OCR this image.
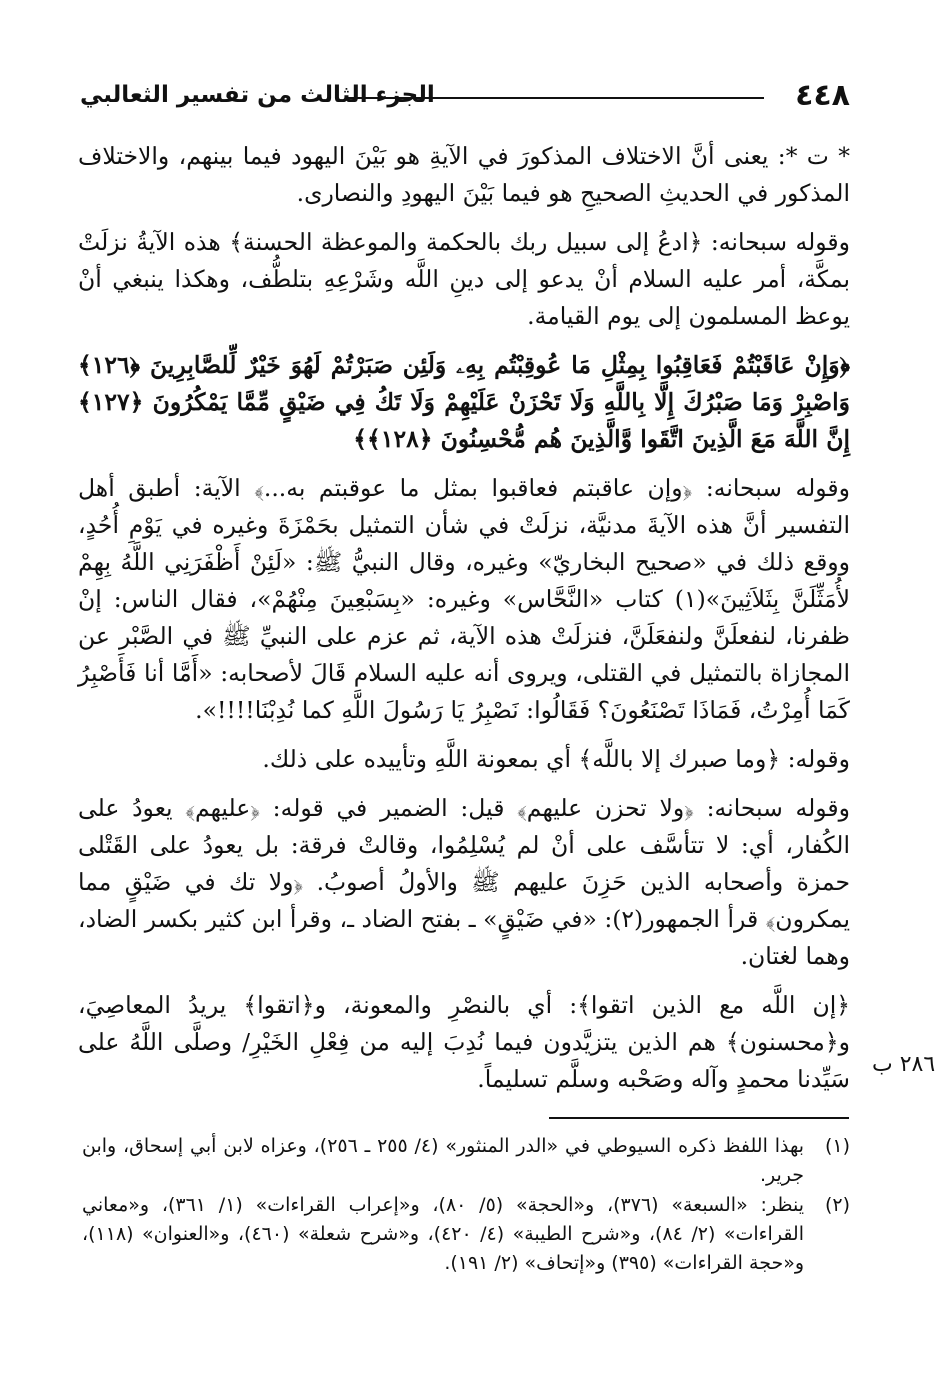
٤٤٨
الجزء الثالث من تفسير الثعالبي

* ت *: يعنى أنَّ الاختلاف المذكورَ في الآيةِ هو بَيْنَ اليهود فيما بينهم، والاختلاف المذكور في الحديثِ الصحيحِ هو فيما بَيْنَ اليهودِ والنصارى.

وقوله سبحانه: ﴿ادعُ إلى سبيل ربك بالحكمة والموعظة الحسنة﴾ هذه الآيةُ نزلَتْ بمكَّة، أمر عليه السلام أنْ يدعو إلى دينِ اللَّه وشَرْعِهِ بتلطُّف، وهكذا ينبغي أنْ يوعظ المسلمون إلى يوم القيامة.

﴿وَإِنْ عَاقَبْتُمْ فَعَاقِبُوا بِمِثْلِ مَا عُوقِبْتُم بِهِۦ وَلَئِن صَبَرْتُمْ لَهُوَ خَيْرٌ لِّلصَّابِرِينَ ﴿١٢٦﴾ وَاصْبِرْ وَمَا صَبْرُكَ إِلَّا بِاللَّهِ وَلَا تَحْزَنْ عَلَيْهِمْ وَلَا تَكُ فِي ضَيْقٍ مِّمَّا يَمْكُرُونَ ﴿١٢٧﴾ إِنَّ اللَّهَ مَعَ الَّذِينَ اتَّقَوا وَّالَّذِينَ هُم مُّحْسِنُونَ ﴿١٢٨﴾﴾

وقوله سبحانه: ﴿وإن عاقبتم فعاقبوا بمثل ما عوقبتم به...﴾ الآية: أطبق أهل التفسير أنَّ هذه الآيةَ مدنيَّة، نزلَتْ في شأن التمثيل بحَمْزَةَ وغيره في يَوْمِ أُحُدٍ، ووقع ذلك في «صحيح البخاريّ» وغيره، وقال النبيُّ ﷺ: «لَئِنْ أَظْفَرَنِي اللَّهُ بِهِمْ لأُمَثِّلَنَّ بِثَلاَثِينَ»(١) كتاب «النَّحَّاس» وغيره: «بِسَبْعِينَ مِنْهُمْ»، فقال الناس: إنْ ظفرنا، لنفعلَنَّ ولنفعَلَنَّ، فنزلَتْ هذه الآية، ثم عزم على النبيِّ ﷺ في الصَّبْر عن المجازاة بالتمثيل في القتلى، ويروى أنه عليه السلام قَالَ لأصحابه: «أَمَّا أنا فَأَصْبِرُ كَمَا أُمِرْتُ، فَمَاذَا تَصْنَعُونَ؟ فَقَالُوا: نَصْبِرُ يَا رَسُولَ اللَّهِ كما نُدِبْنَا!!!!».

وقوله: ﴿وما صبرك إلا باللَّه﴾ أي بمعونة اللَّهِ وتأييده على ذلك.

وقوله سبحانه: ﴿ولا تحزن عليهم﴾ قيل: الضمير في قوله: ﴿عليهم﴾ يعودُ على الكُفار، أي: لا تتأسَّف على أنْ لم يُسْلِمُوا، وقالتْ فرقة: بل يعودُ على القَتْلى حمزة وأصحابه الذين حَزِنَ عليهم ﷺ والأولُ أصوبُ. ﴿ولا تك في ضَيْقٍ مما يمكرون﴾ قرأ الجمهور(٢): «في ضَيْقٍ» ـ بفتح الضاد ـ، وقرأ ابن كثير بكسر الضاد، وهما لغتان.

﴿إن اللَّه مع الذين اتقوا﴾: أي بالنصْرِ والمعونة، و﴿اتقوا﴾ يريدُ المعاصِيَ، و﴿محسنون﴾ هم الذين يتزيَّدون فيما نُدِبَ إليه من فِعْلِ الخَيْرِ/ وصلَّى اللَّهُ على سَيِّدنا محمدٍ وآله وصَحْبه وسلَّم تسليماً.

٢٨٦ ب
(١)
بهذا اللفظ ذكره السيوطي في «الدر المنثور» (٤/ ٢٥٥ ـ ٢٥٦)، وعزاه لابن أبي إسحاق، وابن جرير.
(٢)
ينظر: «السبعة» (٣٧٦)، و«الحجة» (٥/ ٨٠)، و«إعراب القراءات» (١/ ٣٦١)، و«معاني القراءات» (٢/ ٨٤)، و«شرح الطيبة» (٤/ ٤٢٠)، و«شرح شعلة» (٤٦٠)، و«العنوان» (١١٨)، و«حجة القراءات» (٣٩٥) و«إتحاف» (٢/ ١٩١).
